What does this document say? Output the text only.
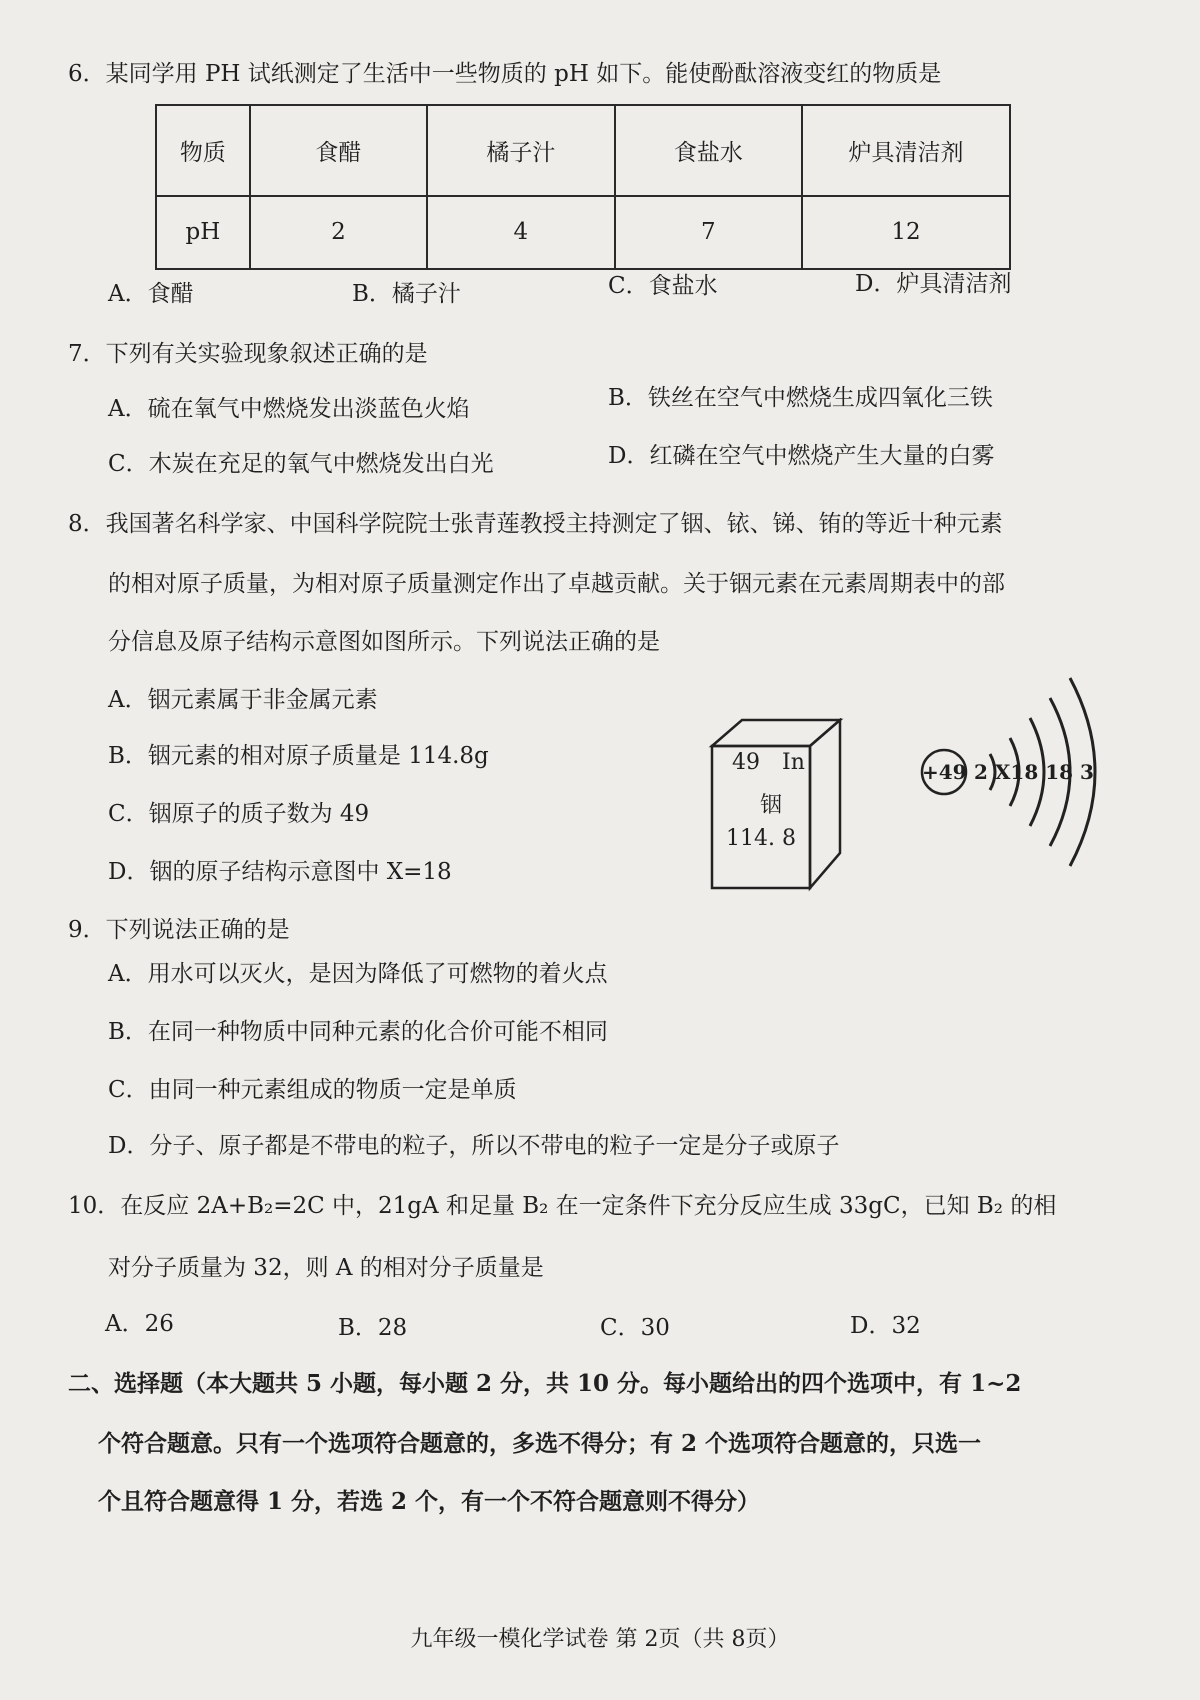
6．某同学用 PH 试纸测定了生活中一些物质的 pH 如下。能使酚酞溶液变红的物质是
物质	食醋	橘子汁	食盐水	炉具清洁剂
pH	2	4	7	12
A．食醋	B．橘子汁	C．食盐水	D．炉具清洁剂
7．下列有关实验现象叙述正确的是
A．硫在氧气中燃烧发出淡蓝色火焰	B．铁丝在空气中燃烧生成四氧化三铁
C．木炭在充足的氧气中燃烧发出白光	D．红磷在空气中燃烧产生大量的白雾
8．我国著名科学家、中国科学院院士张青莲教授主持测定了铟、铱、锑、铕的等近十种元素
的相对原子质量，为相对原子质量测定作出了卓越贡献。关于铟元素在元素周期表中的部
分信息及原子结构示意图如图所示。下列说法正确的是
A．铟元素属于非金属元素
B．铟元素的相对原子质量是 114.8g
C．铟原子的质子数为 49
D．铟的原子结构示意图中 X=18
49 In
铟
114. 8
+49 2 X18 18 3
9．下列说法正确的是
A．用水可以灭火，是因为降低了可燃物的着火点
B．在同一种物质中同种元素的化合价可能不相同
C．由同一种元素组成的物质一定是单质
D．分子、原子都是不带电的粒子，所以不带电的粒子一定是分子或原子
10．在反应 2A+B₂=2C 中，21gA 和足量 B₂ 在一定条件下充分反应生成 33gC，已知 B₂ 的相
对分子质量为 32，则 A 的相对分子质量是
A．26	B．28	C．30	D．32
二、选择题（本大题共 5 小题，每小题 2 分，共 10 分。每小题给出的四个选项中，有 1~2
个符合题意。只有一个选项符合题意的，多选不得分；有 2 个选项符合题意的，只选一
个且符合题意得 1 分，若选 2 个，有一个不符合题意则不得分）
九年级一模化学试卷 第 2页（共 8页）
